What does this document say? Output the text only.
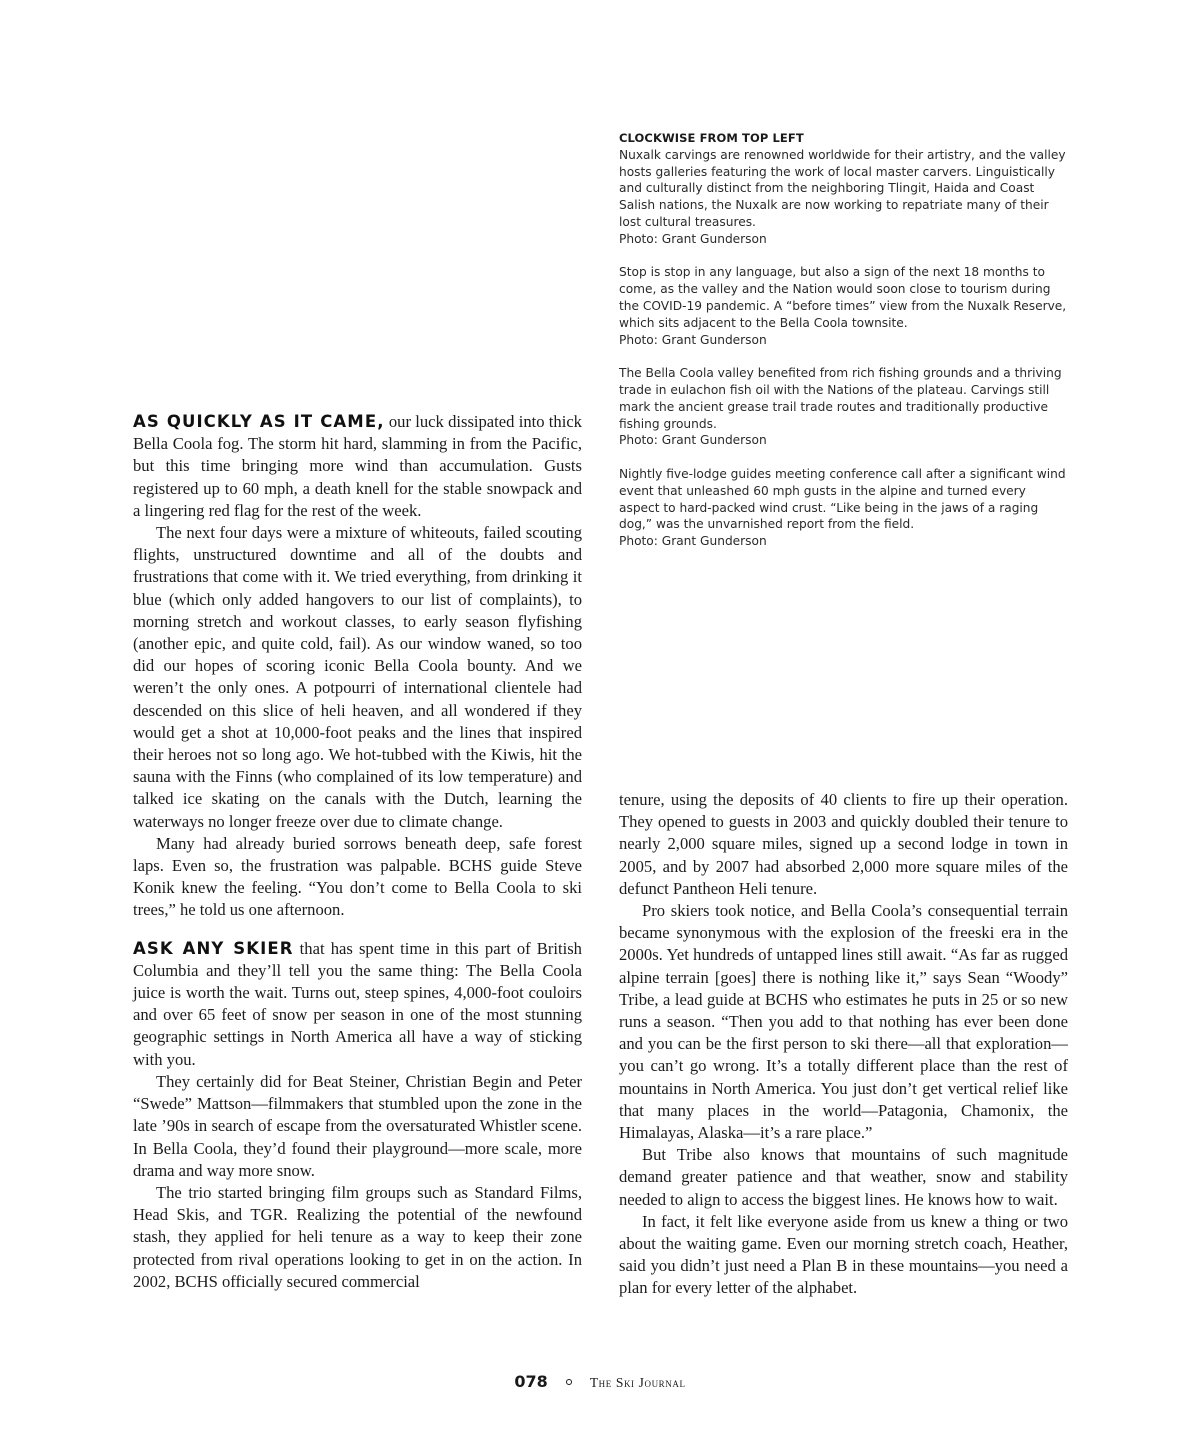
CLOCKWISE FROM TOP LEFT

Nuxalk carvings are renowned worldwide for their artistry, and the valley hosts galleries featuring the work of local master carvers. Linguistically and culturally distinct from the neighboring Tlingit, Haida and Coast Salish nations, the Nuxalk are now working to repatriate many of their lost cultural treasures.

Photo: Grant Gunderson

Stop is stop in any language, but also a sign of the next 18 months to come, as the valley and the Nation would soon close to tourism during the COVID-19 pandemic. A “before times” view from the Nuxalk Reserve, which sits adjacent to the Bella Coola townsite.

Photo: Grant Gunderson

The Bella Coola valley benefited from rich fishing grounds and a thriving trade in eulachon fish oil with the Nations of the plateau. Carvings still mark the ancient grease trail trade routes and traditionally productive fishing grounds.

Photo: Grant Gunderson

Nightly five-lodge guides meeting conference call after a significant wind event that unleashed 60 mph gusts in the alpine and turned every aspect to hard-packed wind crust. “Like being in the jaws of a raging dog,” was the unvarnished report from the field.

Photo: Grant Gunderson

AS QUICKLY AS IT CAME, our luck dissipated into thick Bella Coola fog. The storm hit hard, slamming in from the Pacific, but this time bringing more wind than accumulation. Gusts registered up to 60 mph, a death knell for the stable snowpack and a lingering red flag for the rest of the week.

The next four days were a mixture of whiteouts, failed scouting flights, unstructured downtime and all of the doubts and frustrations that come with it. We tried everything, from drinking it blue (which only added hangovers to our list of complaints), to morning stretch and workout classes, to early season flyfishing (another epic, and quite cold, fail). As our window waned, so too did our hopes of scoring iconic Bella Coola bounty. And we weren’t the only ones. A potpourri of international clientele had descended on this slice of heli heaven, and all wondered if they would get a shot at 10,000-foot peaks and the lines that inspired their heroes not so long ago. We hot-tubbed with the Kiwis, hit the sauna with the Finns (who complained of its low temperature) and talked ice skating on the canals with the Dutch, learning the waterways no longer freeze over due to climate change.

Many had already buried sorrows beneath deep, safe forest laps. Even so, the frustration was palpable. BCHS guide Steve Konik knew the feeling. “You don’t come to Bella Coola to ski trees,” he told us one afternoon.

ASK ANY SKIER that has spent time in this part of British Columbia and they’ll tell you the same thing: The Bella Coola juice is worth the wait. Turns out, steep spines, 4,000-foot couloirs and over 65 feet of snow per season in one of the most stunning geographic settings in North America all have a way of sticking with you.

They certainly did for Beat Steiner, Christian Begin and Peter “Swede” Mattson—filmmakers that stumbled upon the zone in the late ’90s in search of escape from the oversaturated Whistler scene. In Bella Coola, they’d found their playground—more scale, more drama and way more snow.

The trio started bringing film groups such as Standard Films, Head Skis, and TGR. Realizing the potential of the newfound stash, they applied for heli tenure as a way to keep their zone protected from rival operations looking to get in on the action. In 2002, BCHS officially secured commercial

tenure, using the deposits of 40 clients to fire up their operation. They opened to guests in 2003 and quickly doubled their tenure to nearly 2,000 square miles, signed up a second lodge in town in 2005, and by 2007 had absorbed 2,000 more square miles of the defunct Pantheon Heli tenure.

Pro skiers took notice, and Bella Coola’s consequential terrain became synonymous with the explosion of the freeski era in the 2000s. Yet hundreds of untapped lines still await. “As far as rugged alpine terrain [goes] there is nothing like it,” says Sean “Woody” Tribe, a lead guide at BCHS who estimates he puts in 25 or so new runs a season. “Then you add to that nothing has ever been done and you can be the first person to ski there—all that exploration—you can’t go wrong. It’s a totally different place than the rest of mountains in North America. You just don’t get vertical relief like that many places in the world—Patagonia, Chamonix, the Himalayas, Alaska—it’s a rare place.”

But Tribe also knows that mountains of such magnitude demand greater patience and that weather, snow and stability needed to align to access the biggest lines. He knows how to wait.

In fact, it felt like everyone aside from us knew a thing or two about the waiting game. Even our morning stretch coach, Heather, said you didn’t just need a Plan B in these mountains—you need a plan for every letter of the alphabet.

078	The Ski Journal
